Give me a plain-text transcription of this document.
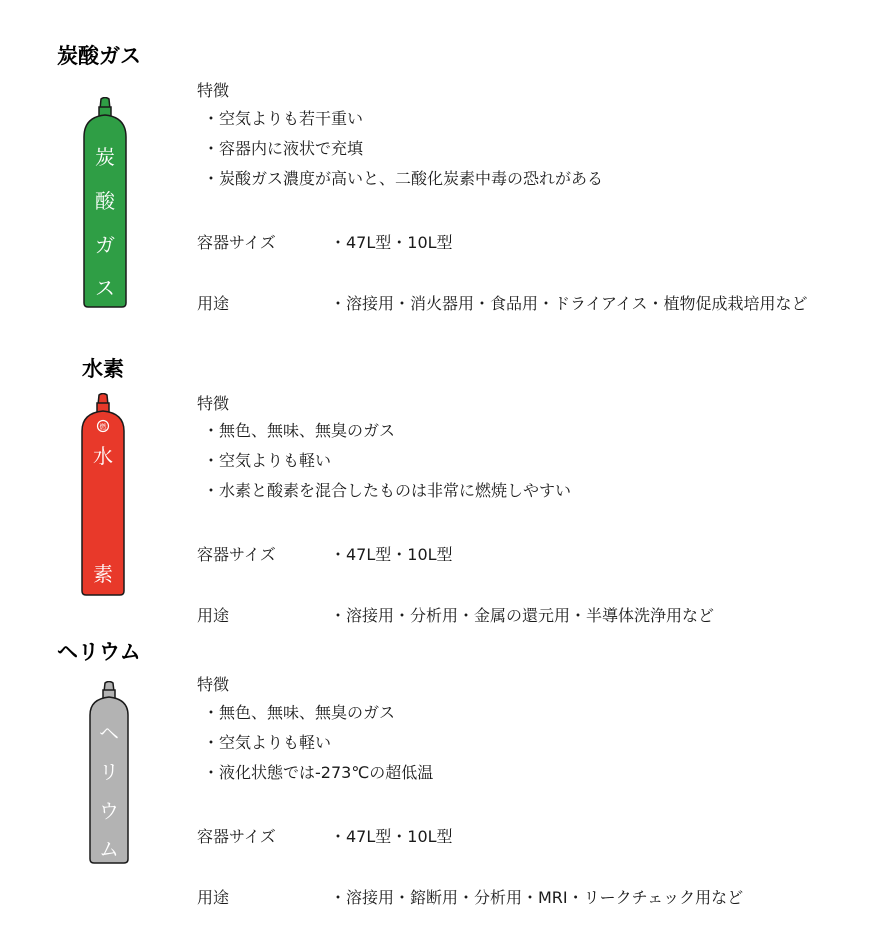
炭酸ガス
炭
酸
ガ
ス
特徴
・空気よりも若干重い
・容器内に液状で充填
・炭酸ガス濃度が高いと、二酸化炭素中毒の恐れがある
容器サイズ	・47L型・10L型
用途	・溶接用・消火器用・食品用・ドライアイス・植物促成栽培用など
水素
燃
水
素
特徴
・無色、無味、無臭のガス
・空気よりも軽い
・水素と酸素を混合したものは非常に燃焼しやすい
容器サイズ	・47L型・10L型
用途	・溶接用・分析用・金属の還元用・半導体洗浄用など
ヘリウム
ヘ
リ
ウ
ム
特徴
・無色、無味、無臭のガス
・空気よりも軽い
・液化状態では-273℃の超低温
容器サイズ	・47L型・10L型
用途	・溶接用・鎔断用・分析用・MRI・リークチェック用など
